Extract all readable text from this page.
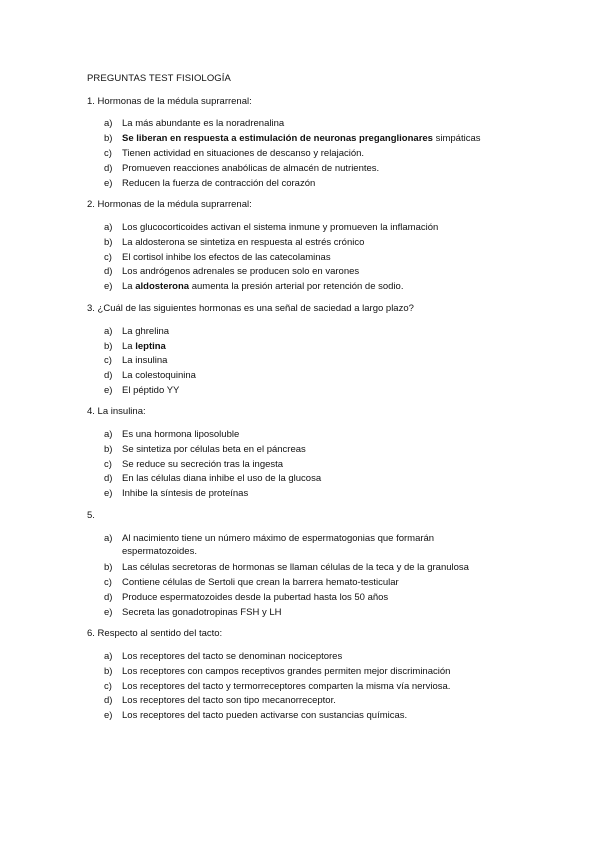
PREGUNTAS TEST FISIOLOGÍA
1. Hormonas de la médula suprarrenal:
a)	La más abundante es la noradrenalina
b)	Se liberan en respuesta a estimulación de neuronas preganglionares simpáticas
c)	Tienen actividad en situaciones de descanso y relajación.
d)	Promueven reacciones anabólicas de almacén de nutrientes.
e)	Reducen la fuerza de contracción del corazón
2. Hormonas de la médula suprarrenal:
a)	Los glucocorticoides activan el sistema inmune y promueven la inflamación
b)	La aldosterona se sintetiza en respuesta al estrés crónico
c)	El cortisol inhibe los efectos de las catecolaminas
d)	Los andrógenos adrenales se producen solo en varones
e)	La aldosterona aumenta la presión arterial por retención de sodio.
3. ¿Cuál de las siguientes hormonas es una señal de saciedad a largo plazo?
a)	La ghrelina
b)	La leptina
c)	La insulina
d)	La colestoquinina
e)	El péptido YY
4. La insulina:
a)	Es una hormona liposoluble
b)	Se sintetiza por células beta en el páncreas
c)	Se reduce su secreción tras la ingesta
d)	En las células diana inhibe el uso de la glucosa
e)	Inhibe la síntesis de proteínas
5.
a)	Al nacimiento tiene un número máximo de espermatogonias que formarán espermatozoides.
b)	Las células secretoras de hormonas se llaman células de la teca y de la granulosa
c)	Contiene células de Sertoli que crean la barrera hemato-testicular
d)	Produce espermatozoides desde la pubertad hasta los 50 años
e)	Secreta las gonadotropinas FSH y LH
6. Respecto al sentido del tacto:
a)	Los receptores del tacto se denominan nociceptores
b)	Los receptores con campos receptivos grandes permiten mejor discriminación
c)	Los receptores del tacto y termorreceptores comparten la misma vía nerviosa.
d)	Los receptores del tacto son tipo mecanorreceptor.
e)	Los receptores del tacto pueden activarse con sustancias químicas.
